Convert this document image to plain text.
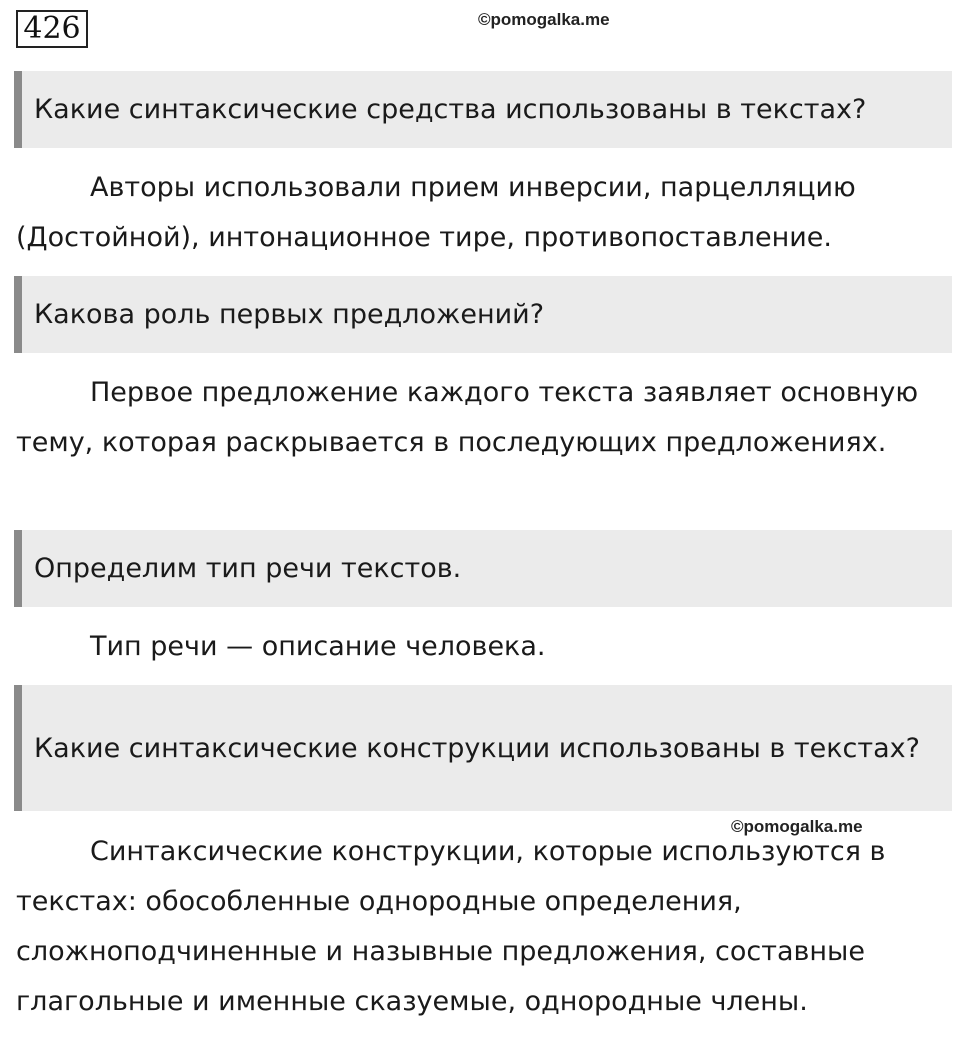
426	©pomogalka.me
Какие синтаксические средства использованы в текстах?
Авторы использовали прием инверсии, парцелляцию (Достойной), интонационное тире, противопоставление.
Какова роль первых предложений?
Первое предложение каждого текста заявляет основную тему, которая раскрывается в последующих предложениях.
Определим тип речи текстов.
Тип речи — описание человека.
Какие синтаксические конструкции использованы в текстах?
©pomogalka.me
Синтаксические конструкции, которые используются в текстах: обособленные однородные определения, сложноподчиненные и назывные предложения, составные глагольные и именные сказуемые, однородные члены.
